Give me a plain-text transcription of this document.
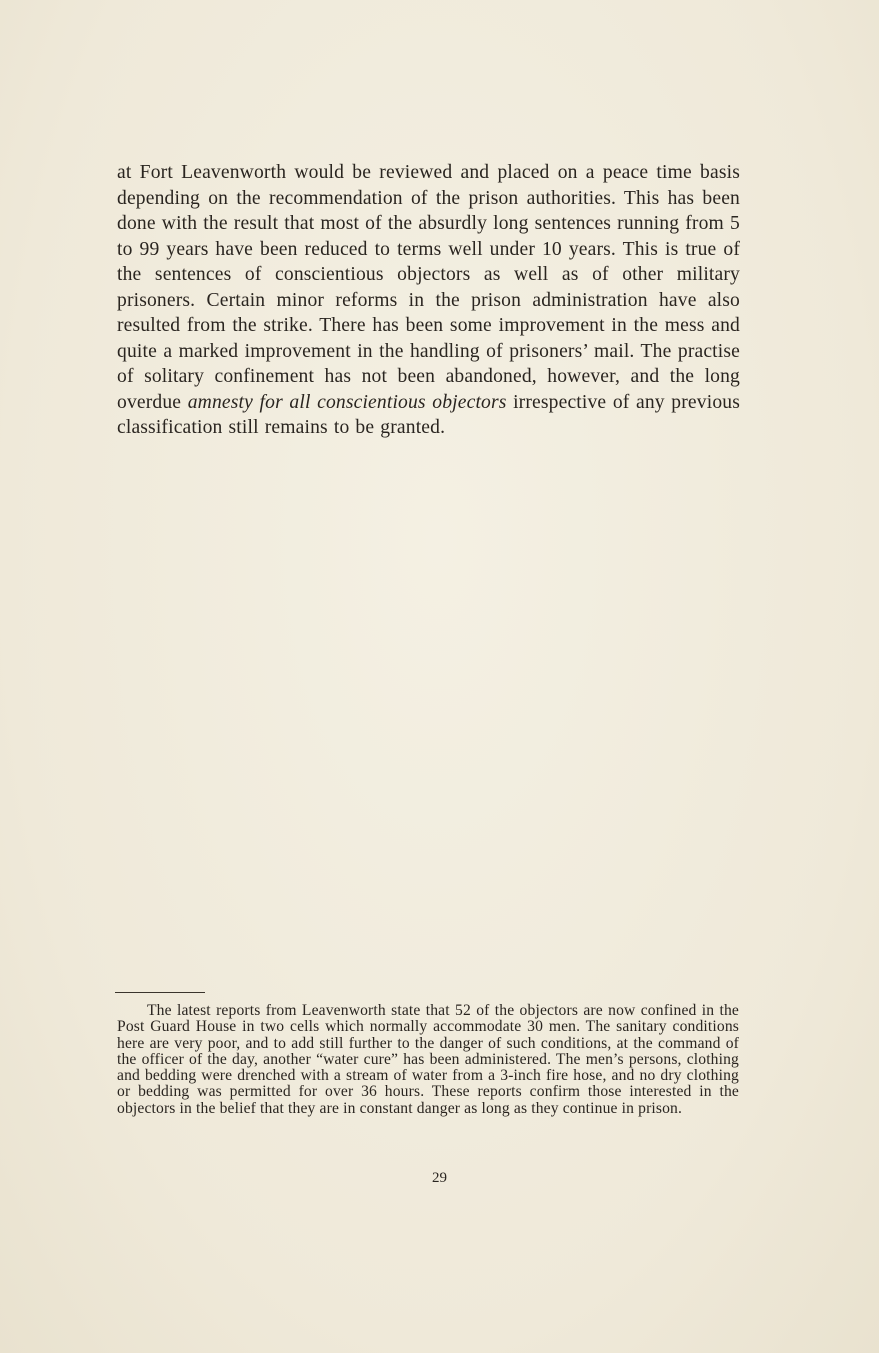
at Fort Leavenworth would be reviewed and placed on a peace time basis depending on the recommendation of the prison authorities. This has been done with the result that most of the absurdly long sentences running from 5 to 99 years have been reduced to terms well under 10 years. This is true of the sentences of conscientious objectors as well as of other military prisoners. Certain minor reforms in the prison administration have also resulted from the strike. There has been some improvement in the mess and quite a marked improvement in the handling of prisoners’ mail. The practise of solitary confinement has not been abandoned, however, and the long overdue amnesty for all conscientious objectors irrespective of any previous classification still remains to be granted.

The latest reports from Leavenworth state that 52 of the objectors are now confined in the Post Guard House in two cells which normally accommodate 30 men. The sanitary conditions here are very poor, and to add still further to the danger of such conditions, at the command of the officer of the day, another “water cure” has been administered. The men’s persons, clothing and bedding were drenched with a stream of water from a 3-inch fire hose, and no dry clothing or bedding was permitted for over 36 hours. These reports confirm those interested in the objectors in the belief that they are in constant danger as long as they continue in prison.

29
